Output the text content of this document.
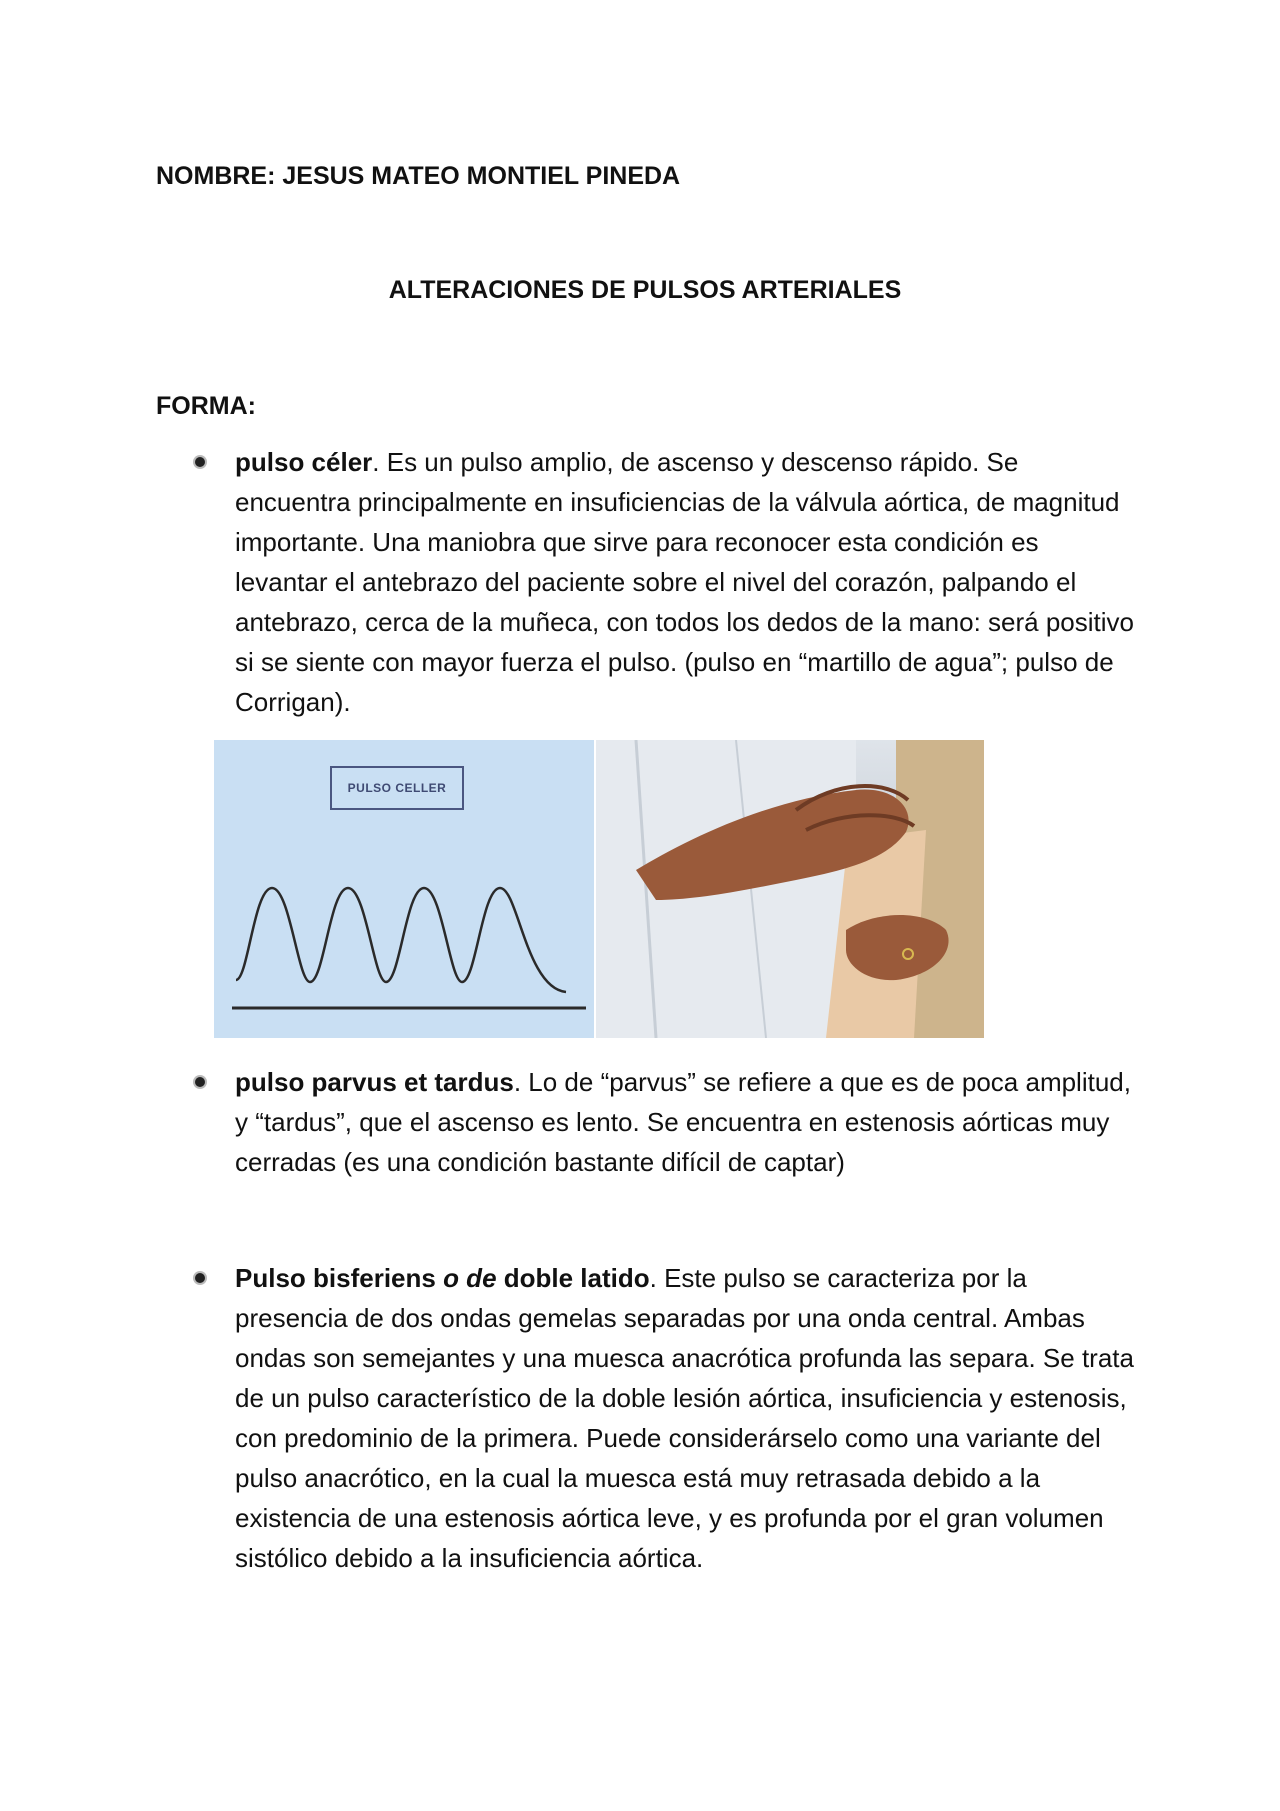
NOMBRE: JESUS MATEO MONTIEL PINEDA
ALTERACIONES DE PULSOS ARTERIALES
FORMA:
pulso céler. Es un pulso amplio, de ascenso y descenso rápido. Se encuentra principalmente en insuficiencias de la válvula aórtica, de magnitud importante. Una maniobra que sirve para reconocer esta condición es levantar el antebrazo del paciente sobre el nivel del corazón, palpando el antebrazo, cerca de la muñeca, con todos los dedos de la mano: será positivo si se siente con mayor fuerza el pulso. (pulso en “martillo de agua”; pulso de Corrigan).
PULSO CELLER
pulso parvus et tardus. Lo de “parvus” se refiere a que es de poca amplitud, y “tardus”, que el ascenso es lento. Se encuentra en estenosis aórticas muy cerradas (es una condición bastante difícil de captar)
Pulso bisferiens o de doble latido. Este pulso se caracteriza por la presencia de dos ondas gemelas separadas por una onda central. Ambas ondas son semejantes y una muesca anacrótica profunda las separa. Se trata de un pulso característico de la doble lesión aórtica, insuficiencia y estenosis, con predominio de la primera. Puede considerárselo como una variante del pulso anacrótico, en la cual la muesca está muy retrasada debido a la existencia de una estenosis aórtica leve, y es profunda por el gran volumen sistólico debido a la insuficiencia aórtica.
